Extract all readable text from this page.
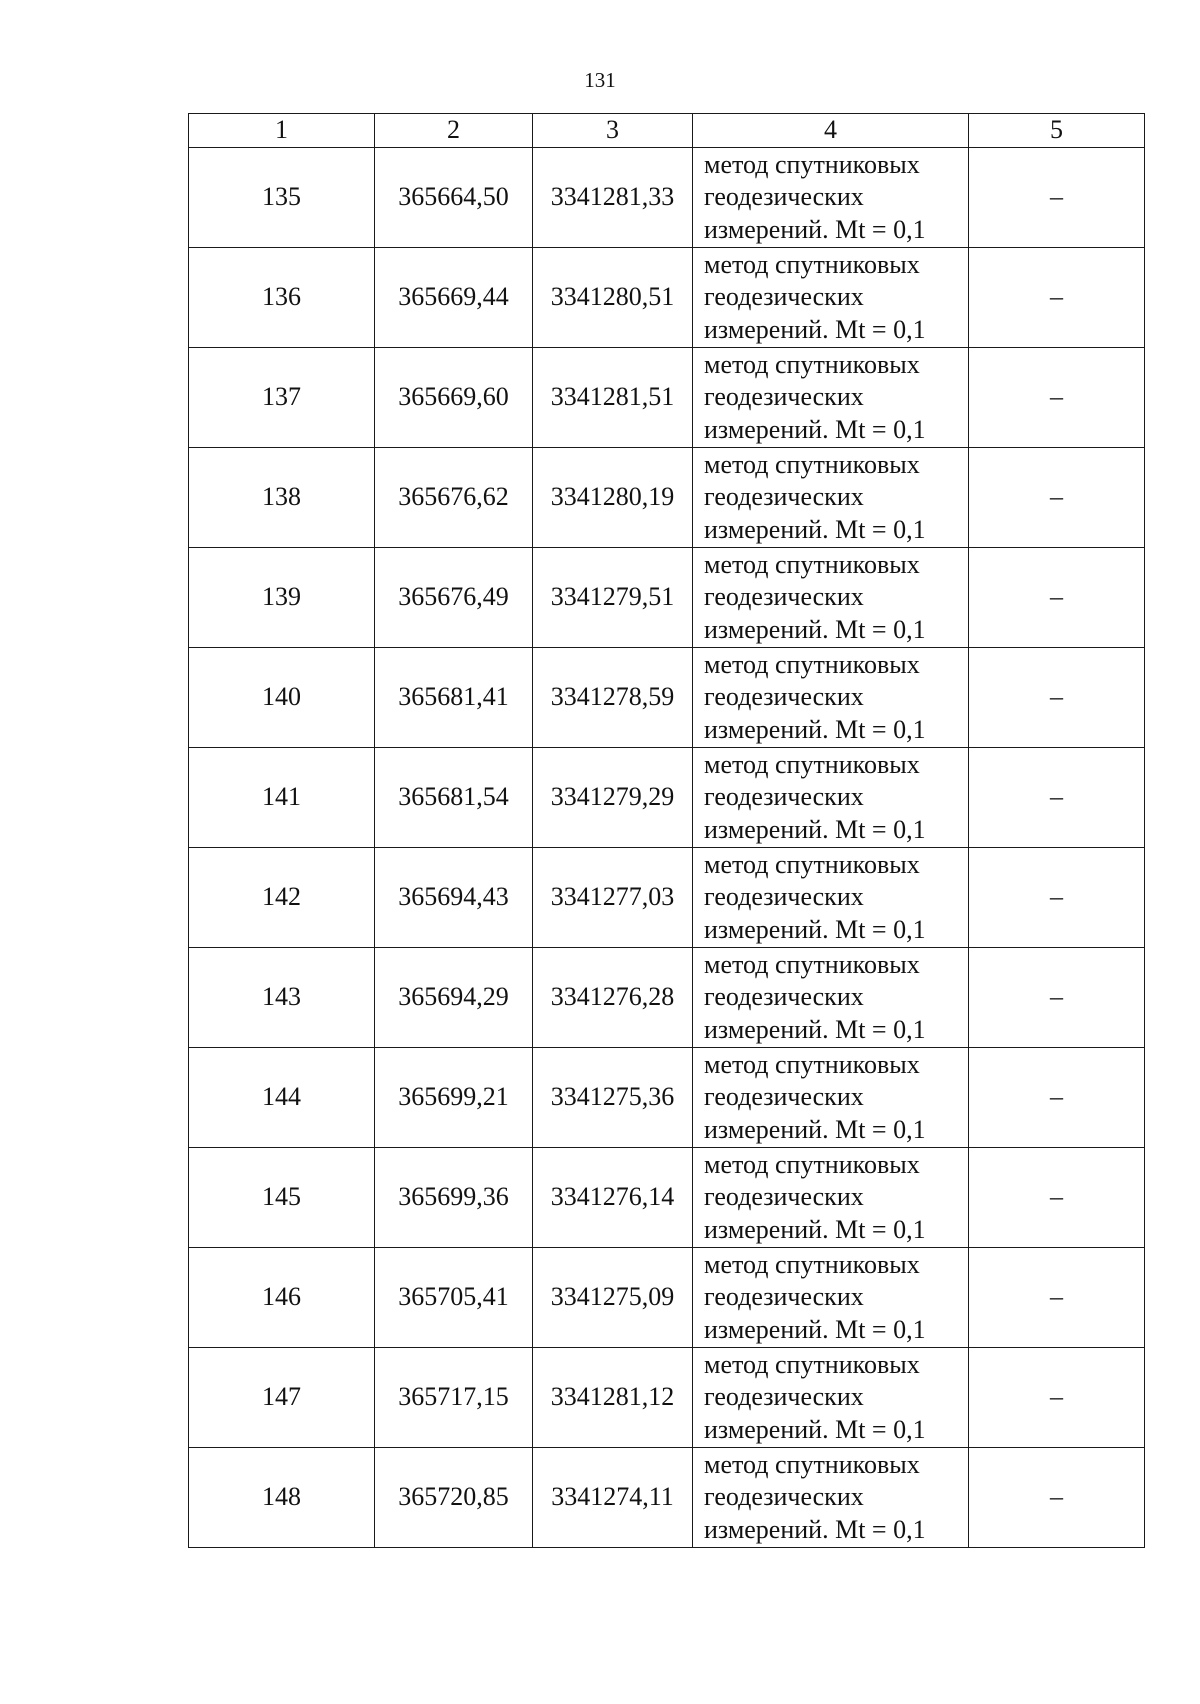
131
1	2	3	4	5
135	365664,50	3341281,33	метод спутниковых
геодезических
измерений. Mt = 0,1	–
136	365669,44	3341280,51	метод спутниковых
геодезических
измерений. Mt = 0,1	–
137	365669,60	3341281,51	метод спутниковых
геодезических
измерений. Mt = 0,1	–
138	365676,62	3341280,19	метод спутниковых
геодезических
измерений. Mt = 0,1	–
139	365676,49	3341279,51	метод спутниковых
геодезических
измерений. Mt = 0,1	–
140	365681,41	3341278,59	метод спутниковых
геодезических
измерений. Mt = 0,1	–
141	365681,54	3341279,29	метод спутниковых
геодезических
измерений. Mt = 0,1	–
142	365694,43	3341277,03	метод спутниковых
геодезических
измерений. Mt = 0,1	–
143	365694,29	3341276,28	метод спутниковых
геодезических
измерений. Mt = 0,1	–
144	365699,21	3341275,36	метод спутниковых
геодезических
измерений. Mt = 0,1	–
145	365699,36	3341276,14	метод спутниковых
геодезических
измерений. Mt = 0,1	–
146	365705,41	3341275,09	метод спутниковых
геодезических
измерений. Mt = 0,1	–
147	365717,15	3341281,12	метод спутниковых
геодезических
измерений. Mt = 0,1	–
148	365720,85	3341274,11	метод спутниковых
геодезических
измерений. Mt = 0,1	–
